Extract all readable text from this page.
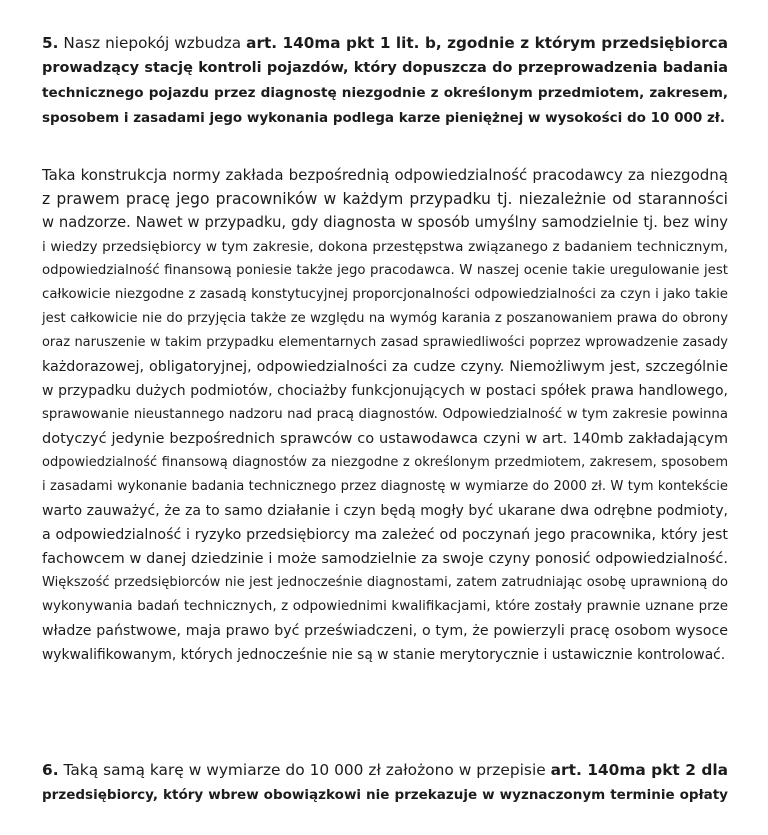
5. Nasz niepokój wzbudza art. 140ma pkt 1 lit. b, zgodnie z którym przedsiębiorca
prowadzący stację kontroli pojazdów, który dopuszcza do przeprowadzenia badania
technicznego pojazdu przez diagnostę niezgodnie z określonym przedmiotem, zakresem,
sposobem i zasadami jego wykonania podlega karze pieniężnej w wysokości do 10 000 zł.
Taka konstrukcja normy zakłada bezpośrednią odpowiedzialność pracodawcy za niezgodną
z prawem pracę jego pracowników w każdym przypadku tj. niezależnie od staranności
w nadzorze. Nawet w przypadku, gdy diagnosta w sposób umyślny samodzielnie tj. bez winy
i wiedzy przedsiębiorcy w tym zakresie, dokona przestępstwa związanego z badaniem technicznym,
odpowiedzialność finansową poniesie także jego pracodawca. W naszej ocenie takie uregulowanie jest
całkowicie niezgodne z zasadą konstytucyjnej proporcjonalności odpowiedzialności za czyn i jako takie
jest całkowicie nie do przyjęcia także ze względu na wymóg karania z poszanowaniem prawa do obrony
oraz naruszenie w takim przypadku elementarnych zasad sprawiedliwości poprzez wprowadzenie zasady
każdorazowej, obligatoryjnej, odpowiedzialności za cudze czyny. Niemożliwym jest, szczególnie
w przypadku dużych podmiotów, chociażby funkcjonujących w postaci spółek prawa handlowego,
sprawowanie nieustannego nadzoru nad pracą diagnostów. Odpowiedzialność w tym zakresie powinna
dotyczyć jedynie bezpośrednich sprawców co ustawodawca czyni w art. 140mb zakładającym
odpowiedzialność finansową diagnostów za niezgodne z określonym przedmiotem, zakresem, sposobem
i zasadami wykonanie badania technicznego przez diagnostę w wymiarze do 2000 zł. W tym kontekście
warto zauważyć, że za to samo działanie i czyn będą mogły być ukarane dwa odrębne podmioty,
a odpowiedzialność i ryzyko przedsiębiorcy ma zależeć od poczynań jego pracownika, który jest
fachowcem w danej dziedzinie i może samodzielnie za swoje czyny ponosić odpowiedzialność.
Większość przedsiębiorców nie jest jednocześnie diagnostami, zatem zatrudniając osobę uprawnioną do
wykonywania badań technicznych, z odpowiednimi kwalifikacjami, które zostały prawnie uznane prze
władze państwowe, maja prawo być przeświadczeni, o tym, że powierzyli pracę osobom wysoce
wykwalifikowanym, których jednocześnie nie są w stanie merytorycznie i ustawicznie kontrolować.
6. Taką samą karę w wymiarze do 10 000 zł założono w przepisie art. 140ma pkt 2 dla
przedsiębiorcy, który wbrew obowiązkowi nie przekazuje w wyznaczonym terminie opłaty
